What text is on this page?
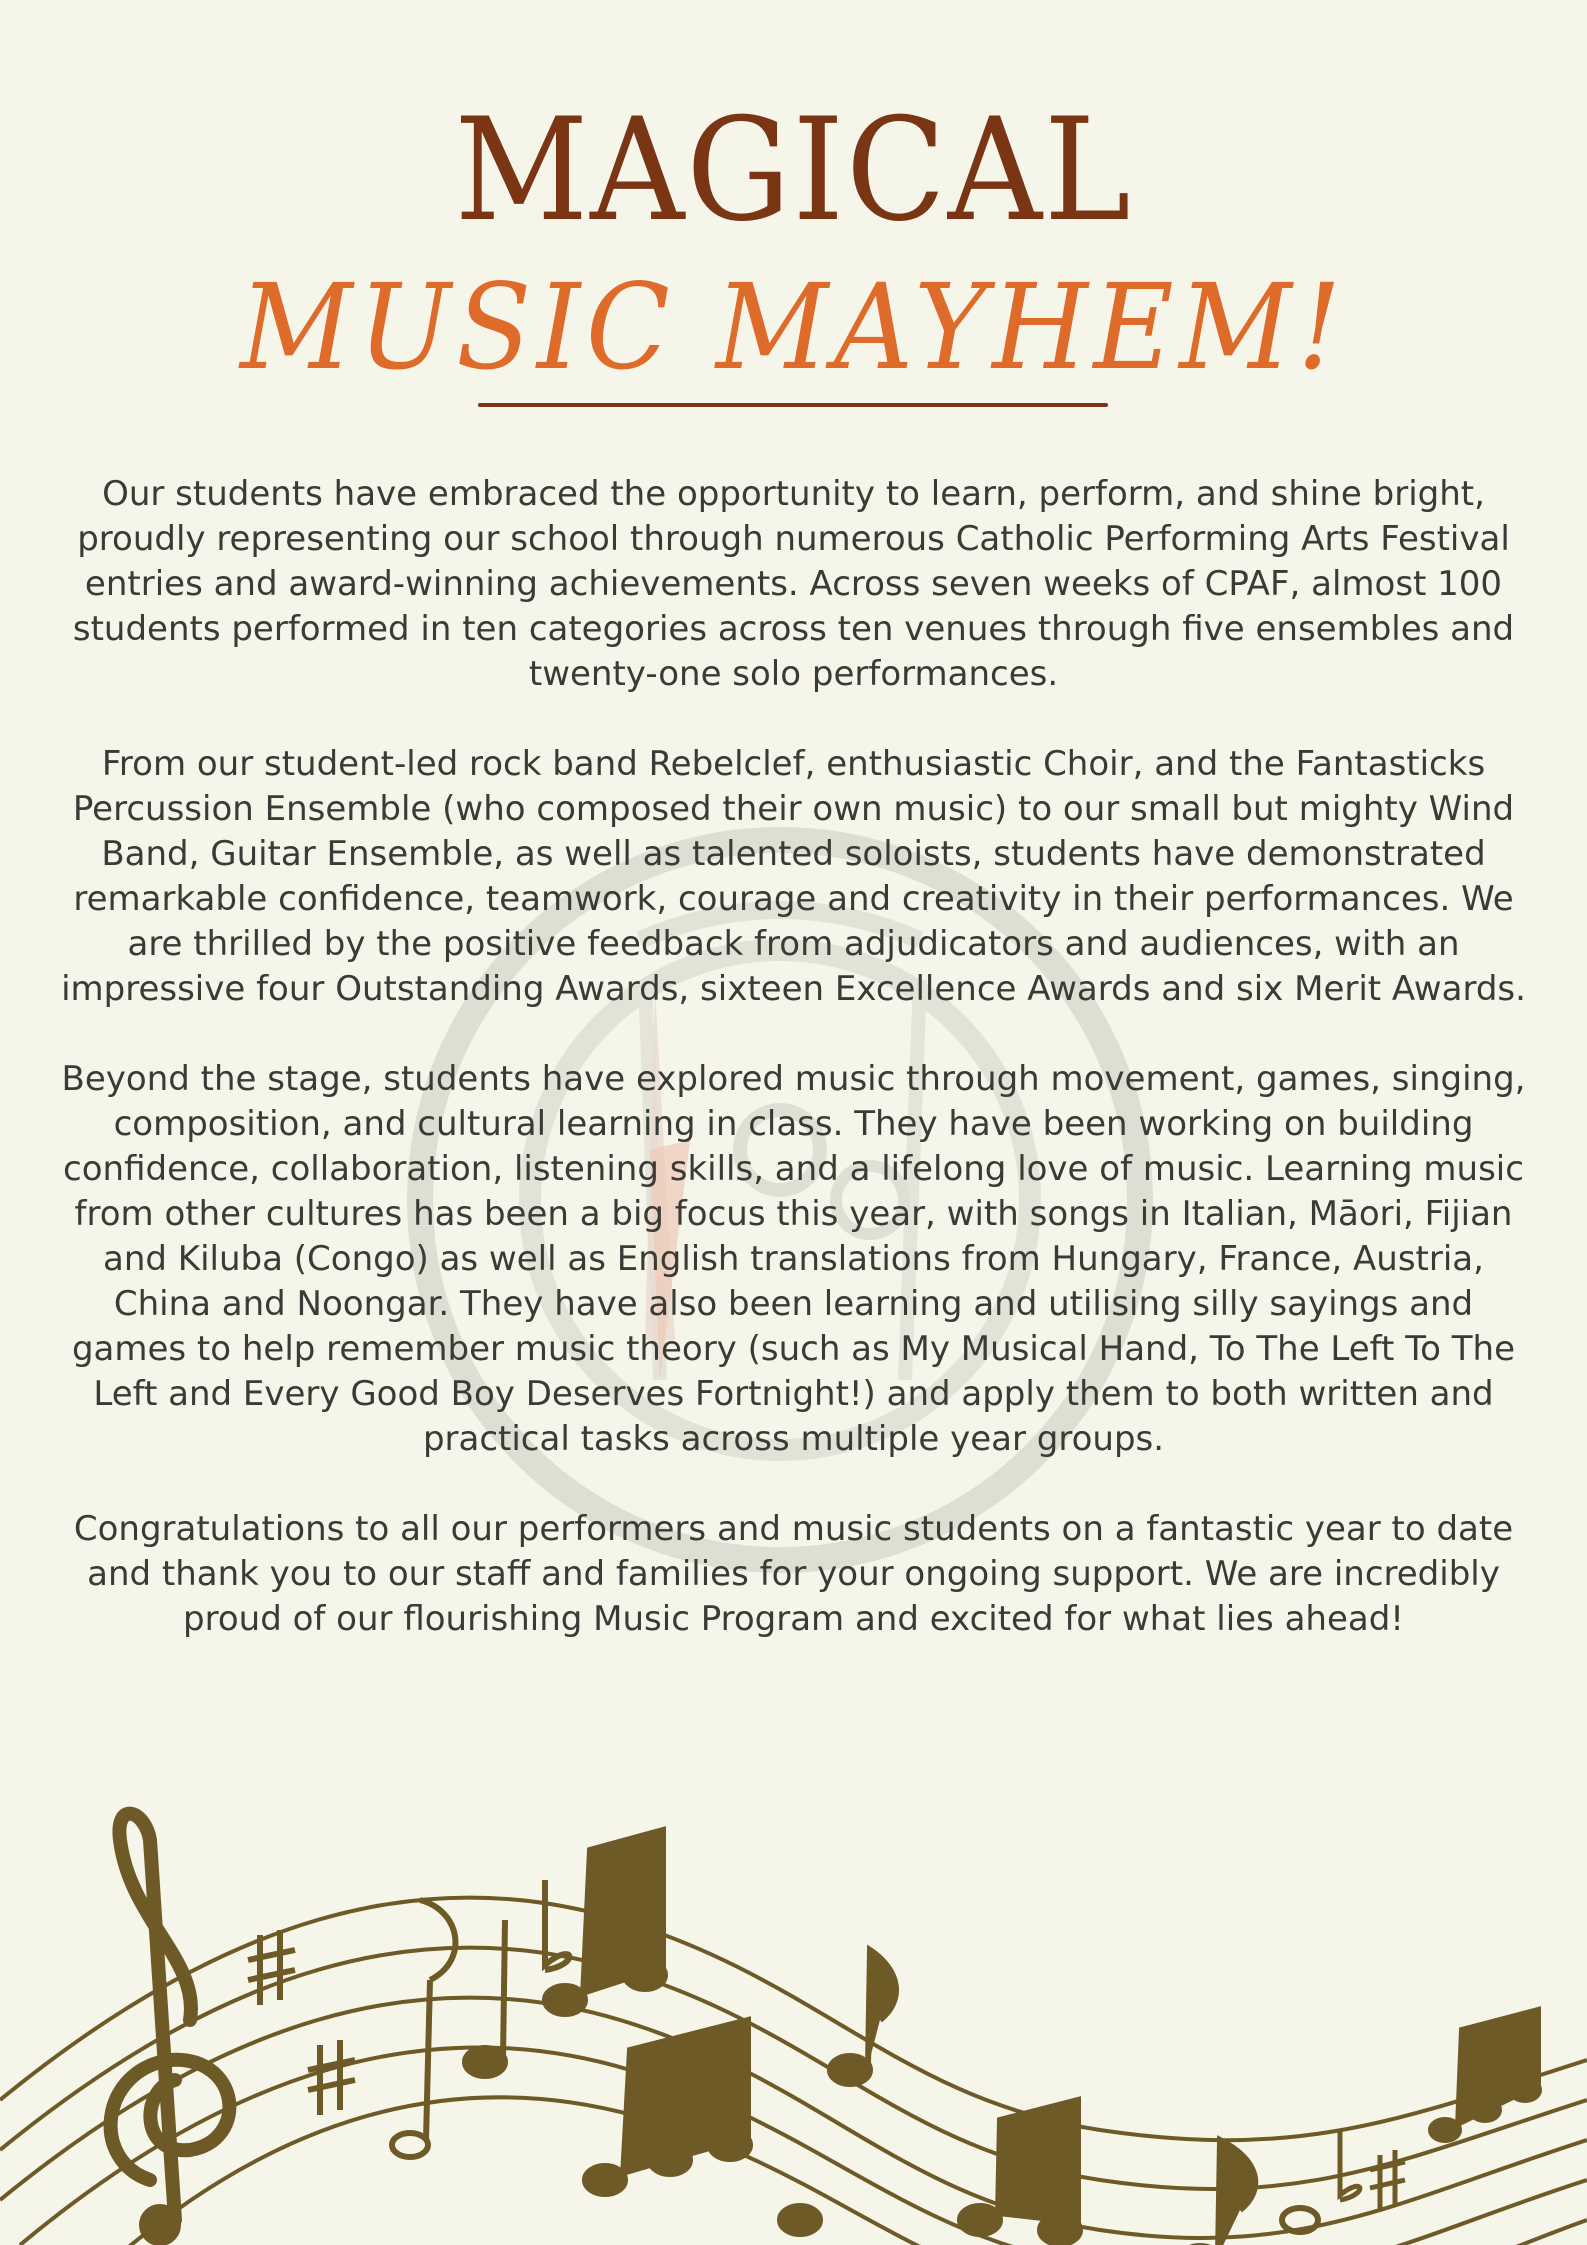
MAGICAL
MUSIC MAYHEM!

Our students have embraced the opportunity to learn, perform, and shine bright, proudly representing our school through numerous Catholic Performing Arts Festival entries and award-winning achievements. Across seven weeks of CPAF, almost 100 students performed in ten categories across ten venues through five ensembles and twenty-one solo performances.

From our student-led rock band Rebelclef, enthusiastic Choir, and the Fantasticks Percussion Ensemble (who composed their own music) to our small but mighty Wind Band, Guitar Ensemble, as well as talented soloists, students have demonstrated remarkable confidence, teamwork, courage and creativity in their performances. We are thrilled by the positive feedback from adjudicators and audiences, with an impressive four Outstanding Awards, sixteen Excellence Awards and six Merit Awards.

Beyond the stage, students have explored music through movement, games, singing, composition, and cultural learning in class. They have been working on building confidence, collaboration, listening skills, and a lifelong love of music. Learning music from other cultures has been a big focus this year, with songs in Italian, Māori, Fijian and Kiluba (Congo) as well as English translations from Hungary, France, Austria, China and Noongar. They have also been learning and utilising silly sayings and games to help remember music theory (such as My Musical Hand, To The Left To The Left and Every Good Boy Deserves Fortnight!) and apply them to both written and practical tasks across multiple year groups.

Congratulations to all our performers and music students on a fantastic year to date and thank you to our staff and families for your ongoing support. We are incredibly proud of our flourishing Music Program and excited for what lies ahead!
